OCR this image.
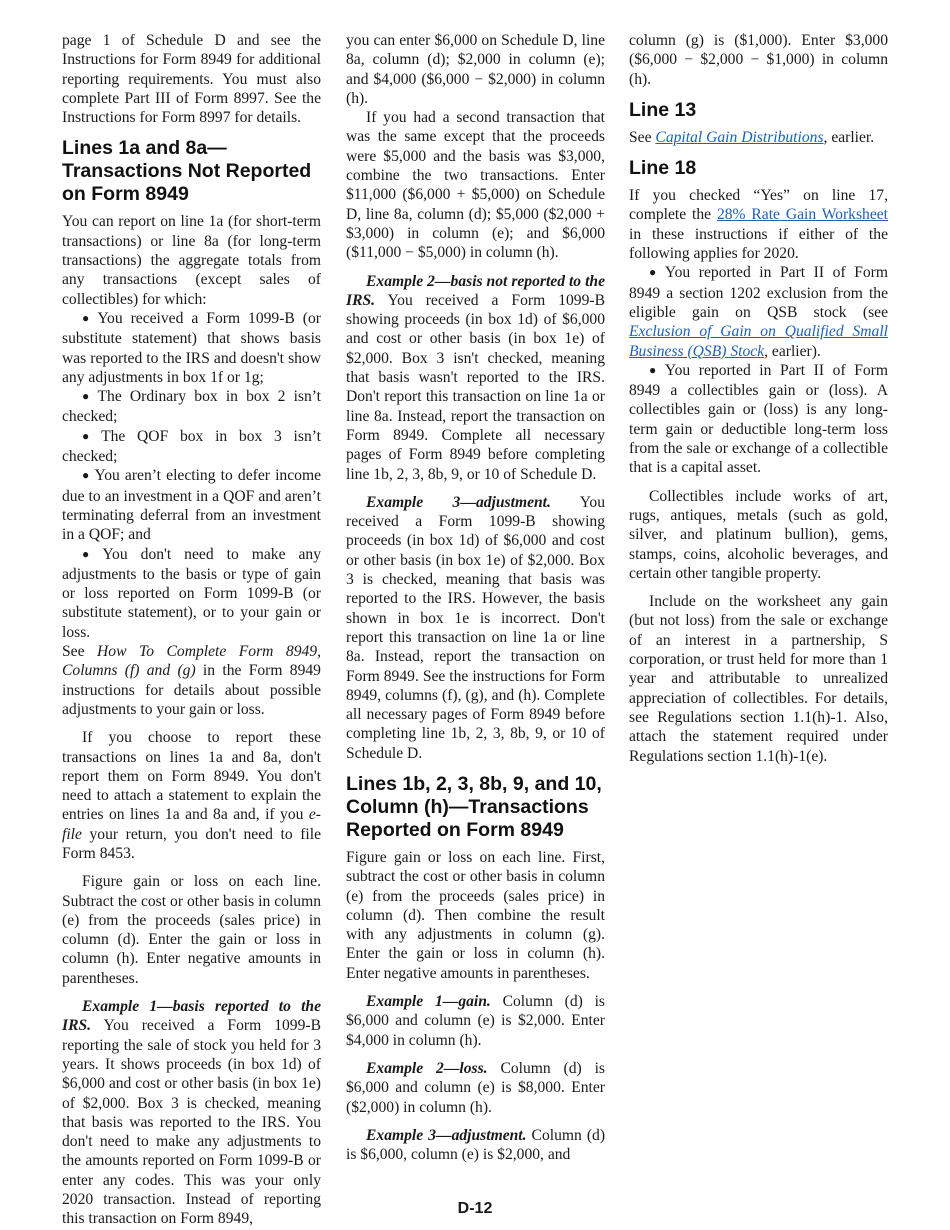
page 1 of Schedule D and see the Instructions for Form 8949 for additional reporting requirements. You must also complete Part III of Form 8997. See the Instructions for Form 8997 for details.

Lines 1a and 8a—Transactions Not Reported on Form 8949

You can report on line 1a (for short-term transactions) or line 8a (for long-term transactions) the aggregate totals from any transactions (except sales of collectibles) for which:

● You received a Form 1099-B (or substitute statement) that shows basis was reported to the IRS and doesn't show any adjustments in box 1f or 1g;

● The Ordinary box in box 2 isn’t checked;

● The QOF box in box 3 isn’t checked;

● You aren’t electing to defer income due to an investment in a QOF and aren’t terminating deferral from an investment in a QOF; and

● You don't need to make any adjustments to the basis or type of gain or loss reported on Form 1099-B (or substitute statement), or to your gain or loss.

See How To Complete Form 8949, Columns (f) and (g) in the Form 8949 instructions for details about possible adjustments to your gain or loss.

If you choose to report these transactions on lines 1a and 8a, don't report them on Form 8949. You don't need to attach a statement to explain the entries on lines 1a and 8a and, if you e-file your return, you don't need to file Form 8453.

Figure gain or loss on each line. Subtract the cost or other basis in column (e) from the proceeds (sales price) in column (d). Enter the gain or loss in column (h). Enter negative amounts in parentheses.

Example 1—basis reported to the IRS. You received a Form 1099-B reporting the sale of stock you held for 3 years. It shows proceeds (in box 1d) of $6,000 and cost or other basis (in box 1e) of $2,000. Box 3 is checked, meaning that basis was reported to the IRS. You don't need to make any adjustments to the amounts reported on Form 1099-B or enter any codes. This was your only 2020 transaction. Instead of reporting this transaction on Form 8949,

you can enter $6,000 on Schedule D, line 8a, column (d); $2,000 in column (e); and $4,000 ($6,000 − $2,000) in column (h).

If you had a second transaction that was the same except that the proceeds were $5,000 and the basis was $3,000, combine the two transactions. Enter $11,000 ($6,000 + $5,000) on Schedule D, line 8a, column (d); $5,000 ($2,000 + $3,000) in column (e); and $6,000 ($11,000 − $5,000) in column (h).

Example 2—basis not reported to the IRS. You received a Form 1099-B showing proceeds (in box 1d) of $6,000 and cost or other basis (in box 1e) of $2,000. Box 3 isn't checked, meaning that basis wasn't reported to the IRS. Don't report this transaction on line 1a or line 8a. Instead, report the transaction on Form 8949. Complete all necessary pages of Form 8949 before completing line 1b, 2, 3, 8b, 9, or 10 of Schedule D.

Example 3—adjustment. You received a Form 1099-B showing proceeds (in box 1d) of $6,000 and cost or other basis (in box 1e) of $2,000. Box 3 is checked, meaning that basis was reported to the IRS. However, the basis shown in box 1e is incorrect. Don't report this transaction on line 1a or line 8a. Instead, report the transaction on Form 8949. See the instructions for Form 8949, columns (f), (g), and (h). Complete all necessary pages of Form 8949 before completing line 1b, 2, 3, 8b, 9, or 10 of Schedule D.

Lines 1b, 2, 3, 8b, 9, and 10, Column (h)—Transactions Reported on Form 8949

Figure gain or loss on each line. First, subtract the cost or other basis in column (e) from the proceeds (sales price) in column (d). Then combine the result with any adjustments in column (g). Enter the gain or loss in column (h). Enter negative amounts in parentheses.

Example 1—gain. Column (d) is $6,000 and column (e) is $2,000. Enter $4,000 in column (h).

Example 2—loss. Column (d) is $6,000 and column (e) is $8,000. Enter ($2,000) in column (h).

Example 3—adjustment. Column (d) is $6,000, column (e) is $2,000, and

column (g) is ($1,000). Enter $3,000 ($6,000 − $2,000 − $1,000) in column (h).

Line 13

See Capital Gain Distributions, earlier.

Line 18

If you checked “Yes” on line 17, complete the 28% Rate Gain Worksheet in these instructions if either of the following applies for 2020.

● You reported in Part II of Form 8949 a section 1202 exclusion from the eligible gain on QSB stock (see Exclusion of Gain on Qualified Small Business (QSB) Stock, earlier).

● You reported in Part II of Form 8949 a collectibles gain or (loss). A collectibles gain or (loss) is any long-term gain or deductible long-term loss from the sale or exchange of a collectible that is a capital asset.

Collectibles include works of art, rugs, antiques, metals (such as gold, silver, and platinum bullion), gems, stamps, coins, alcoholic beverages, and certain other tangible property.

Include on the worksheet any gain (but not loss) from the sale or exchange of an interest in a partnership, S corporation, or trust held for more than 1 year and attributable to unrealized appreciation of collectibles. For details, see Regulations section 1.1(h)-1. Also, attach the statement required under Regulations section 1.1(h)-1(e).

D-12
